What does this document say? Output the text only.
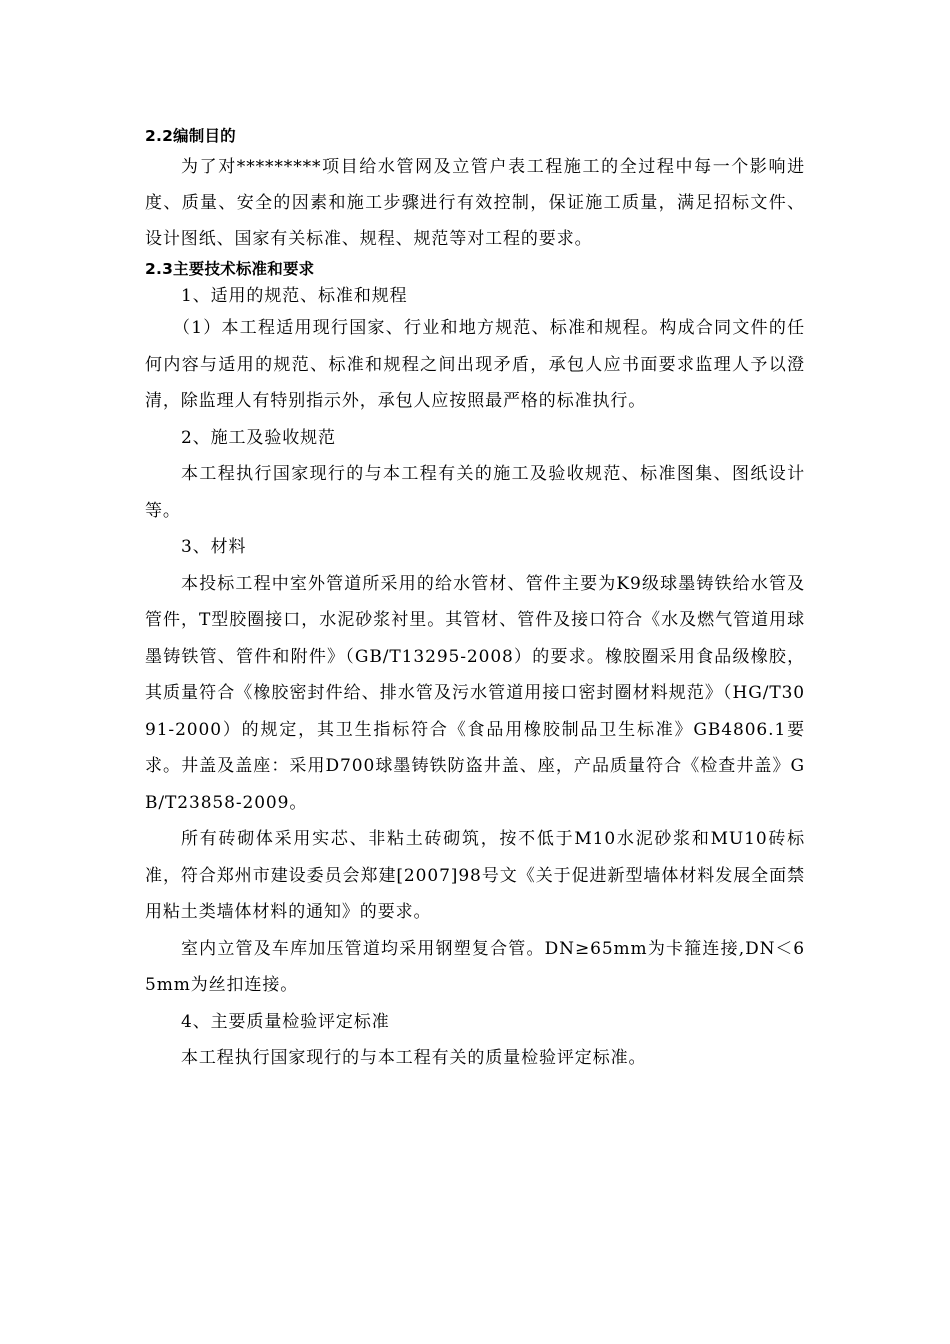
2.2编制目的

为了对*********项目给水管网及立管户表工程施工的全过程中每一个影响进度、质量、安全的因素和施工步骤进行有效控制，保证施工质量，满足招标文件、设计图纸、国家有关标准、规程、规范等对工程的要求。

2.3主要技术标准和要求

1、适用的规范、标准和规程

（1）本工程适用现行国家、行业和地方规范、标准和规程。构成合同文件的任何内容与适用的规范、标准和规程之间出现矛盾，承包人应书面要求监理人予以澄清，除监理人有特别指示外，承包人应按照最严格的标准执行。

2、施工及验收规范

本工程执行国家现行的与本工程有关的施工及验收规范、标准图集、图纸设计等。

3、材料

本投标工程中室外管道所采用的给水管材、管件主要为K9级球墨铸铁给水管及管件，T型胶圈接口，水泥砂浆衬里。其管材、管件及接口符合《水及燃气管道用球墨铸铁管、管件和附件》（GB/T13295-2008）的要求。橡胶圈采用食品级橡胶，其质量符合《橡胶密封件给、排水管及污水管道用接口密封圈材料规范》（HG/T3091-2000）的规定，其卫生指标符合《食品用橡胶制品卫生标准》GB4806.1要求。井盖及盖座：采用D700球墨铸铁防盗井盖、座，产品质量符合《检查井盖》GB/T23858-2009。

所有砖砌体采用实芯、非粘土砖砌筑，按不低于M10水泥砂浆和MU10砖标准，符合郑州市建设委员会郑建[2007]98号文《关于促进新型墙体材料发展全面禁用粘土类墙体材料的通知》的要求。

室内立管及车库加压管道均采用钢塑复合管。DN≥65mm为卡箍连接,DN＜65mm为丝扣连接。

4、主要质量检验评定标准

本工程执行国家现行的与本工程有关的质量检验评定标准。
